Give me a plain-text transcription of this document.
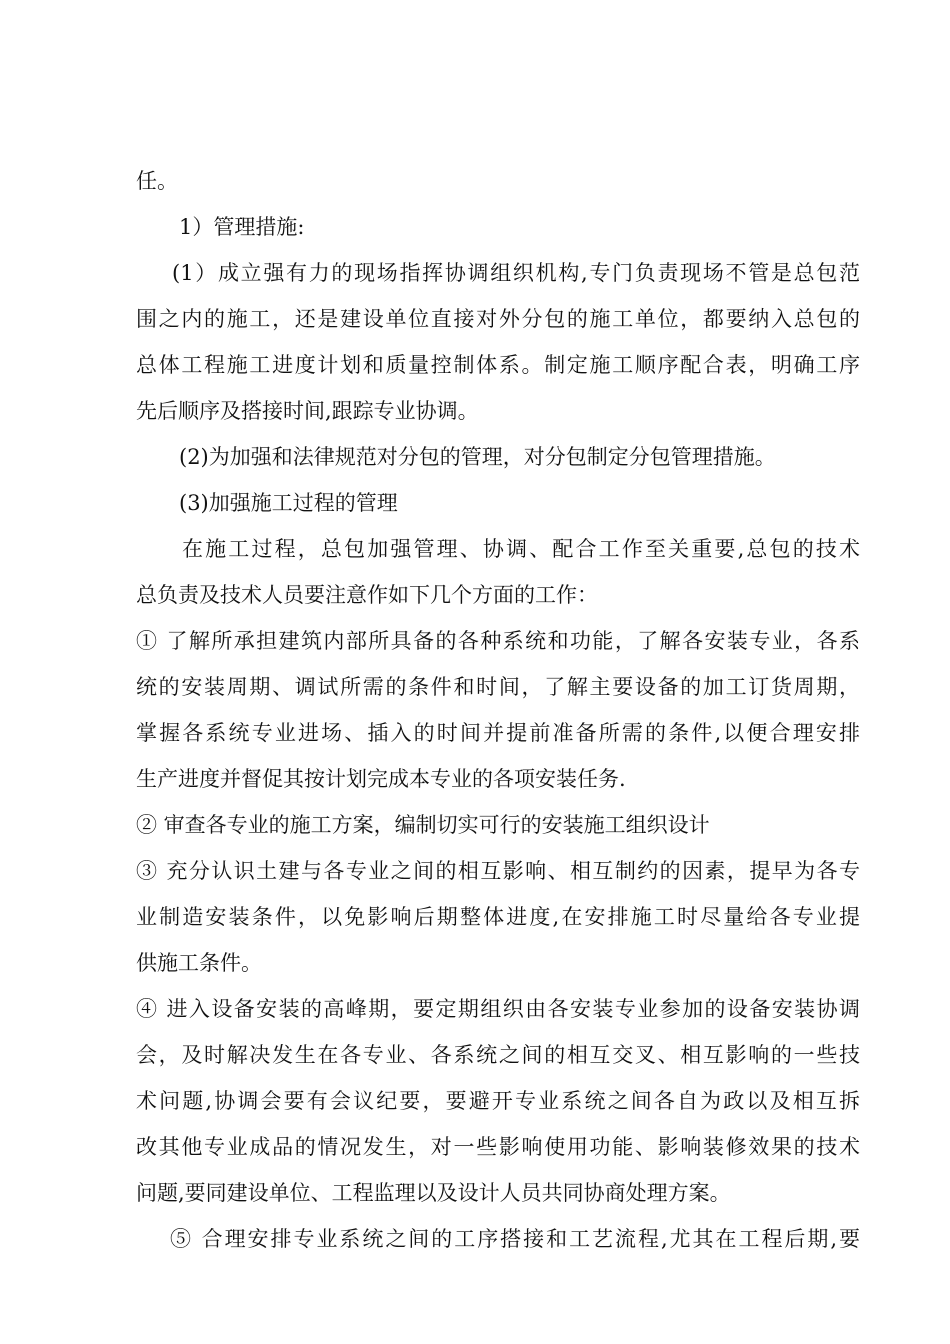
任。
1）管理措施:
(1）成立强有力的现场指挥协调组织机构,专门负责现场不管是总包范
围之内的施工，还是建设单位直接对外分包的施工单位，都要纳入总包的
总体工程施工进度计划和质量控制体系。制定施工顺序配合表，明确工序
先后顺序及搭接时间,跟踪专业协调。
(2)为加强和法律规范对分包的管理，对分包制定分包管理措施。
(3)加强施工过程的管理
在施工过程，总包加强管理、协调、配合工作至关重要,总包的技术
总负责及技术人员要注意作如下几个方面的工作：
① 了解所承担建筑内部所具备的各种系统和功能，了解各安装专业，各系
统的安装周期、调试所需的条件和时间，了解主要设备的加工订货周期，
掌握各系统专业进场、插入的时间并提前准备所需的条件,以便合理安排
生产进度并督促其按计划完成本专业的各项安装任务.
② 审查各专业的施工方案，编制切实可行的安装施工组织设计
③ 充分认识土建与各专业之间的相互影响、相互制约的因素，提早为各专
业制造安装条件，以免影响后期整体进度,在安排施工时尽量给各专业提
供施工条件。
④ 进入设备安装的高峰期，要定期组织由各安装专业参加的设备安装协调
会，及时解决发生在各专业、各系统之间的相互交叉、相互影响的一些技
术问题,协调会要有会议纪要，要避开专业系统之间各自为政以及相互拆
改其他专业成品的情况发生，对一些影响使用功能、影响装修效果的技术
问题,要同建设单位、工程监理以及设计人员共同协商处理方案。
⑤ 合理安排专业系统之间的工序搭接和工艺流程,尤其在工程后期,要
